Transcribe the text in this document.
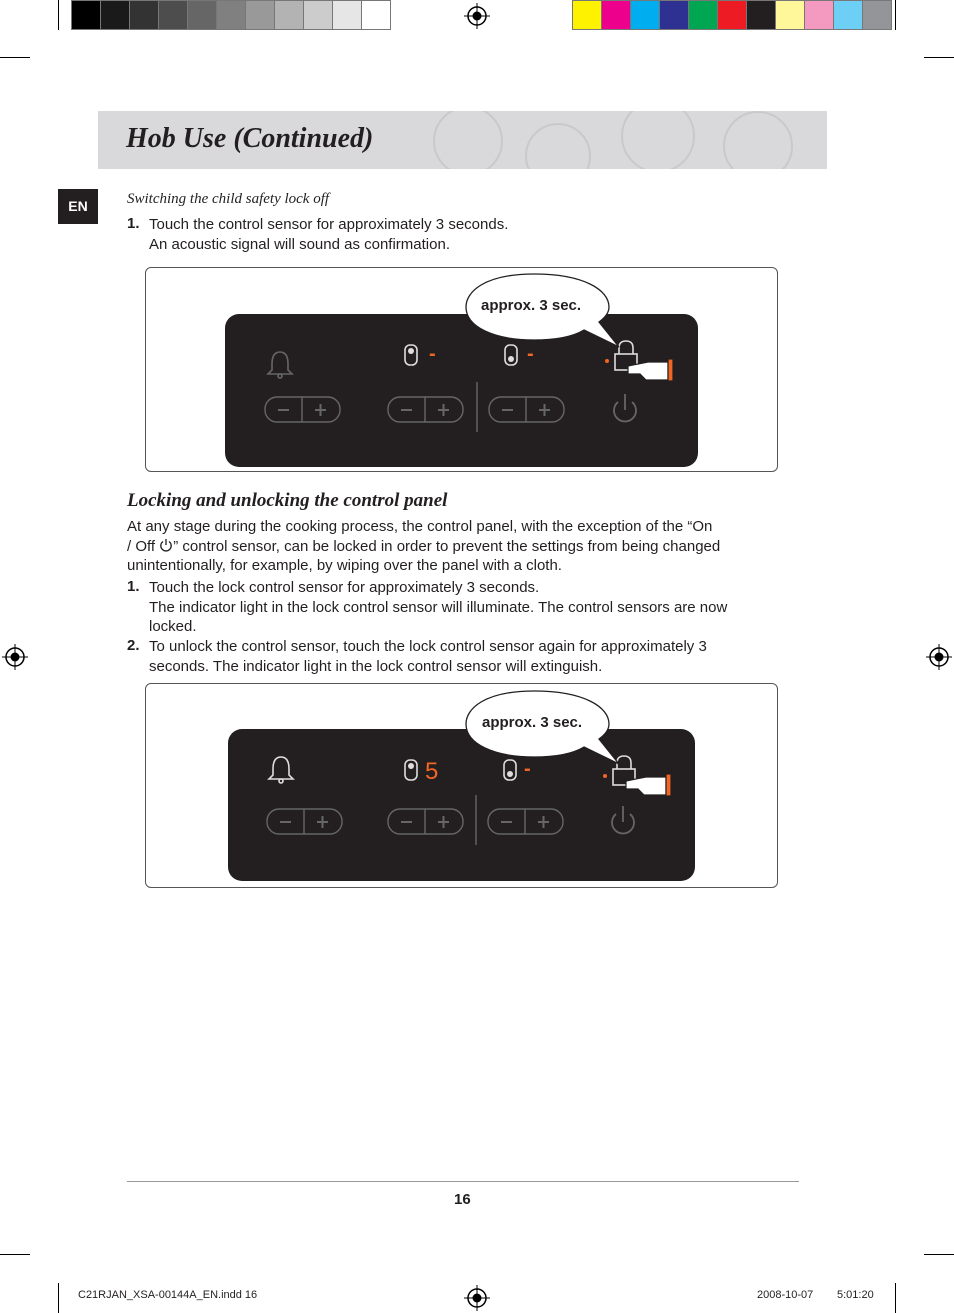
Hob Use (Continued)
EN	Switching the child safety lock off
1. Touch the control sensor for approximately 3 seconds.
An acoustic signal will sound as confirmation.
-	-
approx. 3 sec.
Locking and unlocking the control panel
At any stage during the cooking process, the control panel, with the exception of the “On
/ Off ” control sensor, can be locked in order to prevent the settings from being changed
unintentionally, for example, by wiping over the panel with a cloth.
1. Touch the lock control sensor for approximately 3 seconds.
The indicator light in the lock control sensor will illuminate. The control sensors are now
locked.
2. To unlock the control sensor, touch the lock control sensor again for approximately 3
seconds. The indicator light in the lock control sensor will extinguish.
5	-
approx. 3 sec.
16
C21RJAN_XSA-00144A_EN.indd 16	2008-10-07 5:01:20
